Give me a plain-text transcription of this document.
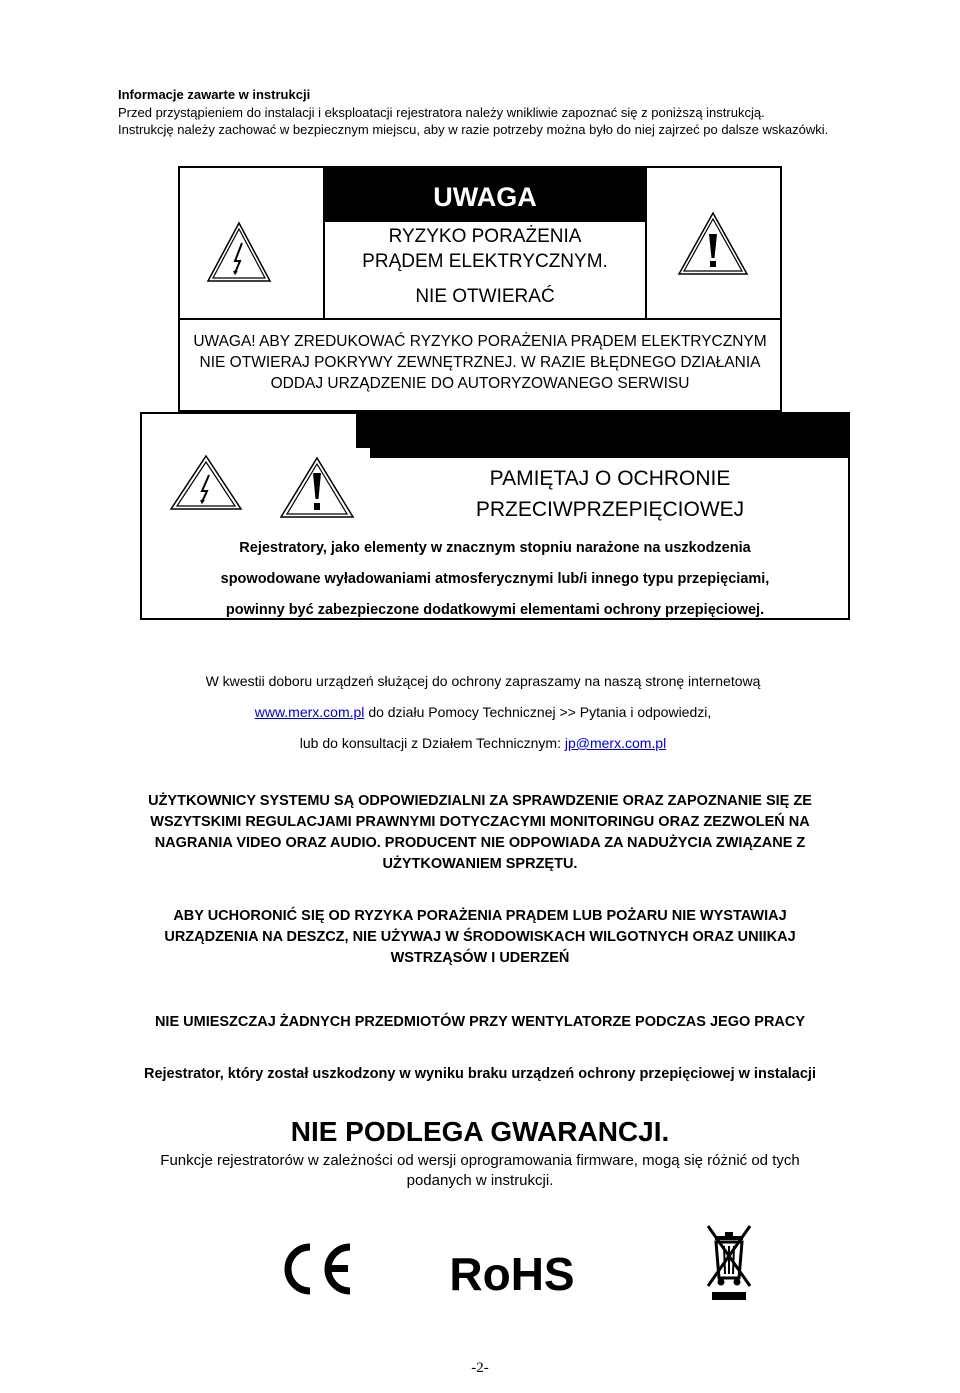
Informacje zawarte w instrukcji
Przed przystąpieniem do instalacji i eksploatacji rejestratora należy wnikliwie zapoznać się z poniższą instrukcją.
Instrukcję należy zachować w bezpiecznym miejscu, aby w razie potrzeby można było do niej zajrzeć po dalsze wskazówki.
UWAGA
RYZYKO PORAŻENIA
PRĄDEM ELEKTRYCZNYM.
NIE OTWIERAĆ
UWAGA! ABY ZREDUKOWAĆ RYZYKO PORAŻENIA PRĄDEM ELEKTRYCZNYM NIE OTWIERAJ POKRYWY ZEWNĘTRZNEJ. W RAZIE BŁĘDNEGO DZIAŁANIA ODDAJ URZĄDZENIE DO AUTORYZOWANEGO SERWISU
PAMIĘTAJ O OCHRONIE
PRZECIWPRZEPIĘCIOWEJ
Rejestratory, jako elementy w znacznym stopniu narażone na uszkodzenia
spowodowane wyładowaniami atmosferycznymi lub/i innego typu przepięciami,
powinny być zabezpieczone dodatkowymi elementami ochrony przepięciowej.
W kwestii doboru urządzeń służącej do ochrony zapraszamy na naszą stronę internetową
www.merx.com.pl do działu Pomocy Technicznej >> Pytania i odpowiedzi,
lub do konsultacji z Działem Technicznym: jp@merx.com.pl
UŻYTKOWNICY SYSTEMU SĄ ODPOWIEDZIALNI ZA SPRAWDZENIE ORAZ ZAPOZNANIE SIĘ ZE WSZYTSKIMI REGULACJAMI PRAWNYMI DOTYCZACYMI MONITORINGU ORAZ ZEZWOLEŃ NA NAGRANIA VIDEO ORAZ AUDIO. PRODUCENT NIE ODPOWIADA ZA NADUŻYCIA ZWIĄZANE Z UŻYTKOWANIEM SPRZĘTU.
ABY UCHORONIĆ SIĘ OD RYZYKA PORAŻENIA PRĄDEM LUB POŻARU NIE WYSTAWIAJ URZĄDZENIA NA DESZCZ, NIE UŻYWAJ W ŚRODOWISKACH WILGOTNYCH ORAZ UNIIKAJ WSTRZĄSÓW I UDERZEŃ
NIE UMIESZCZAJ ŻADNYCH PRZEDMIOTÓW PRZY WENTYLATORZE PODCZAS JEGO PRACY
Rejestrator, który został uszkodzony w wyniku braku urządzeń ochrony przepięciowej w instalacji
NIE PODLEGA GWARANCJI.
Funkcje rejestratorów w zależności od wersji oprogramowania firmware, mogą się różnić od tych podanych w instrukcji.
RoHS
-2-
